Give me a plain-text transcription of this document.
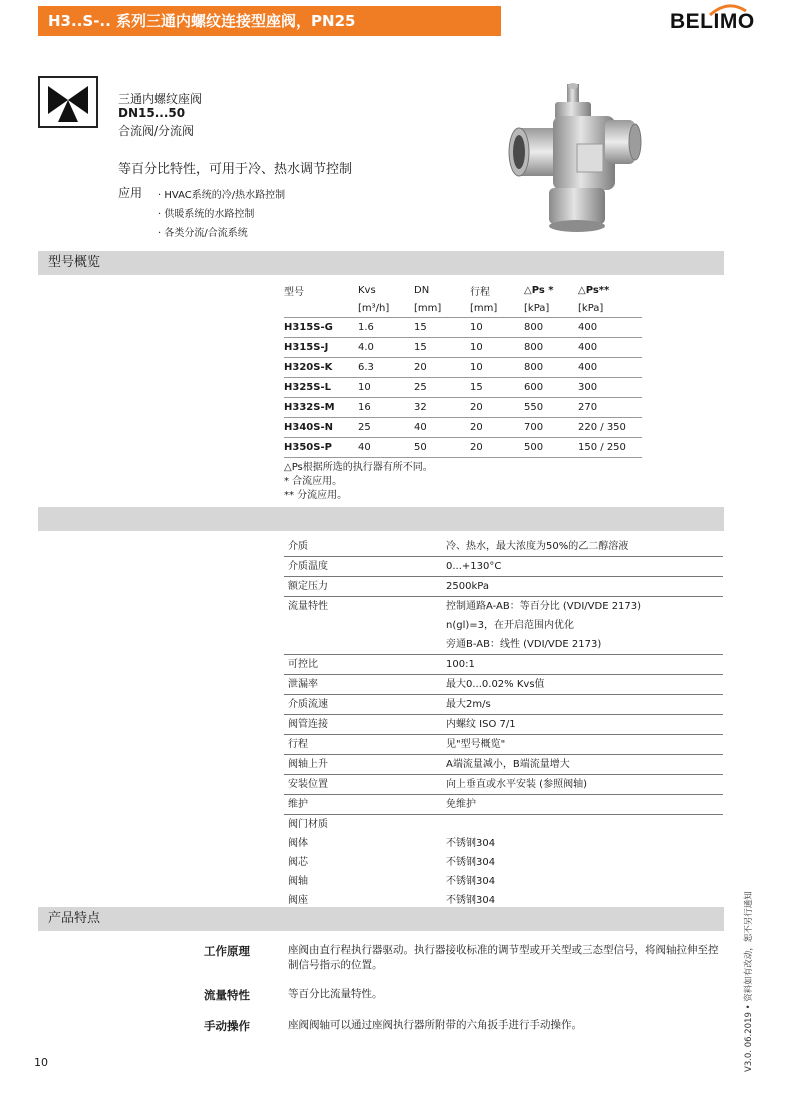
H3..S-.. 系列三通内螺纹连接型座阀，PN25	BELIMO
三通内螺纹座阀
DN15...50
合流阀/分流阀
等百分比特性，可用于冷、热水调节控制
应用 · HVAC系统的冷/热水路控制
· 供暖系统的水路控制
· 各类分流/合流系统
型号概览
型号	Kvs	DN	行程	△Ps *	△Ps**
	[m³/h]	[mm]	[mm]	[kPa]	[kPa]
H315S-G	1.6	15	10	800	400
H315S-J	4.0	15	10	800	400
H320S-K	6.3	20	10	800	400
H325S-L	10	25	15	600	300
H332S-M	16	32	20	550	270
H340S-N	25	40	20	700	220 / 350
H350S-P	40	50	20	500	150 / 250
△Ps根据所选的执行器有所不同。
* 合流应用。
** 分流应用。
介质	冷、热水，最大浓度为50%的乙二醇溶液
介质温度	0...+130°C
额定压力	2500kPa
流量特性	控制通路A-AB：等百分比 (VDI/VDE 2173)
	n(gl)=3，在开启范围内优化
	旁通B-AB：线性 (VDI/VDE 2173)
可控比	100:1
泄漏率	最大0...0.02% Kvs值
介质流速	最大2m/s
阀管连接	内螺纹 ISO 7/1
行程	见"型号概览"
阀轴上升	A端流量减小，B端流量增大
安装位置	向上垂直或水平安装 (参照阀轴)
维护	免维护
阀门材质	
阀体	不锈钢304
阀芯	不锈钢304
阀轴	不锈钢304
阀座	不锈钢304

产品特点
工作原理	座阀由直行程执行器驱动。执行器接收标准的调节型或开关型或三态型信号，将阀轴拉伸至控制信号指示的位置。
流量特性	等百分比流量特性。
手动操作	座阀阀轴可以通过座阀执行器所附带的六角扳手进行手动操作。
10	V3.0. 06.2019 • 资料如有改动，恕不另行通知
